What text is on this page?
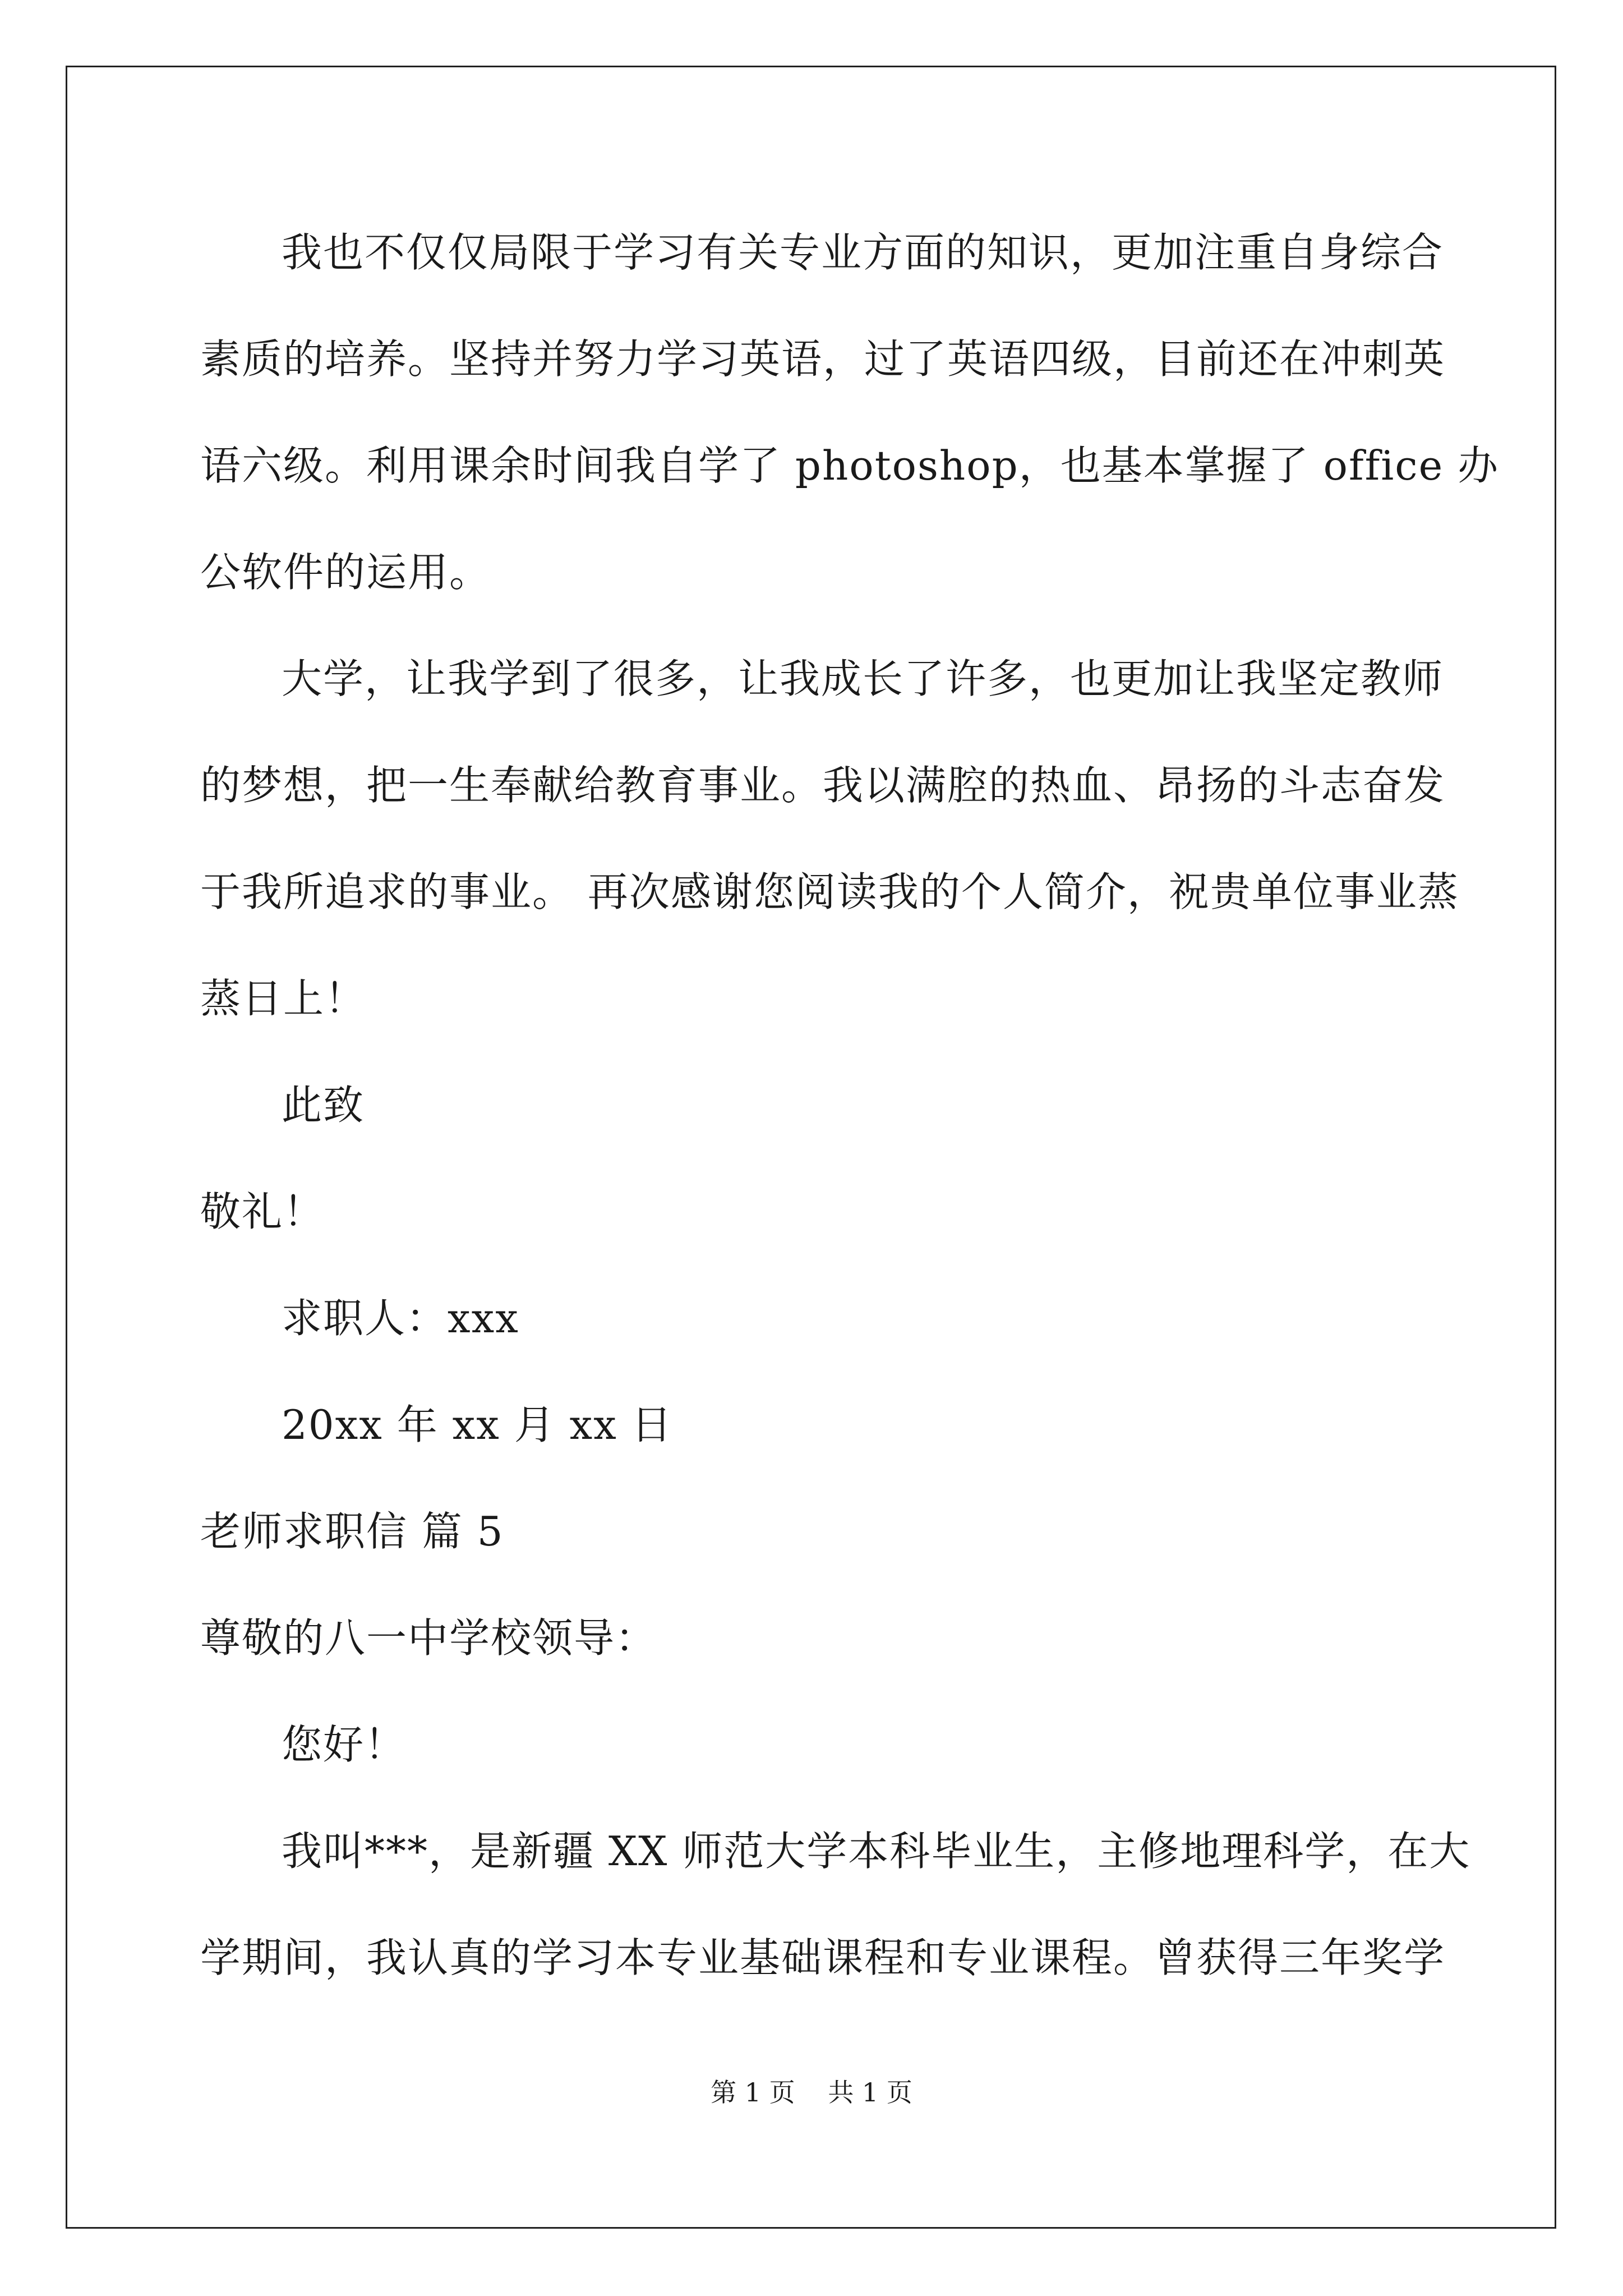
我也不仅仅局限于学习有关专业方面的知识，更加注重自身综合
素质的培养。坚持并努力学习英语，过了英语四级，目前还在冲刺英
语六级。利用课余时间我自学了 photoshop，也基本掌握了 office 办
公软件的运用。
大学，让我学到了很多，让我成长了许多，也更加让我坚定教师
的梦想，把一生奉献给教育事业。我以满腔的热血、昂扬的斗志奋发
于我所追求的事业。 再次感谢您阅读我的个人简介，祝贵单位事业蒸
蒸日上！
此致
敬礼！
求职人：xxx
20xx 年 xx 月 xx 日
老师求职信 篇 5
尊敬的八一中学校领导：
您好！
我叫***，是新疆 XX 师范大学本科毕业生，主修地理科学，在大
学期间，我认真的学习本专业基础课程和专业课程。曾获得三年奖学
第 1 页 共 1 页
